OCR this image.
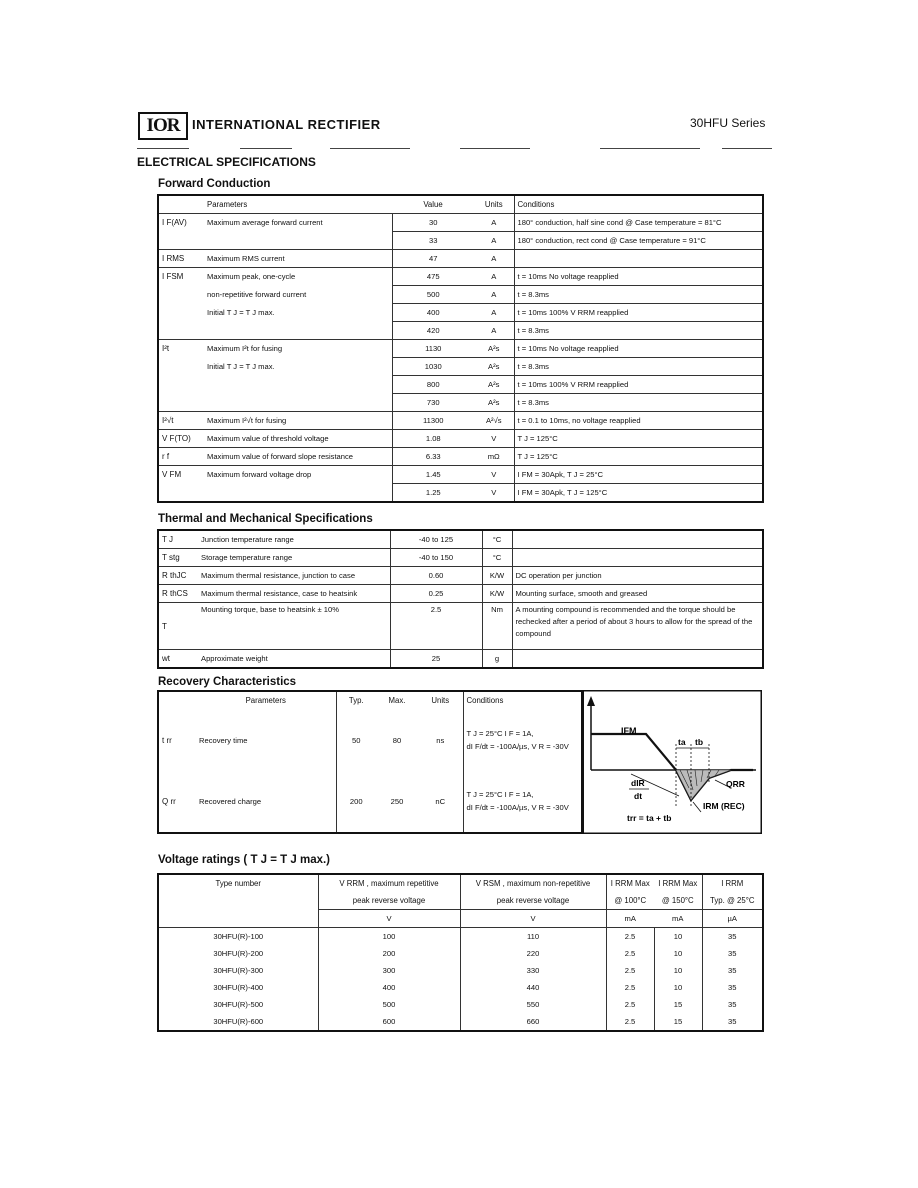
IOR INTERNATIONAL RECTIFIER	30HFU Series
ELECTRICAL SPECIFICATIONS
Forward Conduction
	Parameters	Value	Units	Conditions
I F(AV)	Maximum average forward current	30	A	180° conduction, half sine cond @ Case temperature = 81°C
		33	A	180° conduction, rect cond @ Case temperature = 91°C
I RMS	Maximum RMS current	47	A	
I FSM	Maximum peak, one-cycle	475	A	t = 10ms No voltage reapplied
	non-repetitive forward current	500	A	t = 8.3ms
	Initial T J = T J max.	400	A	t = 10ms 100% V RRM reapplied
		420	A	t = 8.3ms
I²t	Maximum I²t for fusing	1130	A²s	t = 10ms No voltage reapplied
	Initial T J = T J max.	1030	A²s	t = 8.3ms
		800	A²s	t = 10ms 100% V RRM reapplied
		730	A²s	t = 8.3ms
I²√t	Maximum I²√t for fusing	11300	A²√s	t = 0.1 to 10ms, no voltage reapplied
V F(TO)	Maximum value of threshold voltage	1.08	V	T J = 125°C
r f	Maximum value of forward slope resistance	6.33	mΩ	T J = 125°C
V FM	Maximum forward voltage drop	1.45	V	I FM = 30Apk, T J = 25°C
		1.25	V	I FM = 30Apk, T J = 125°C
Thermal and Mechanical Specifications
T J	Junction temperature range	-40 to 125	°C	
T stg	Storage temperature range	-40 to 150	°C	
R thJC	Maximum thermal resistance, junction to case	0.60	K/W	DC operation per junction
R thCS	Maximum thermal resistance, case to heatsink	0.25	K/W	Mounting surface, smooth and greased
T	Mounting torque, base to heatsink ± 10%	2.5	Nm	A mounting compound is recommended and the torque should be rechecked after a period of about 3 hours to allow for the spread of the compound
wt	Approximate weight	25	g	
Recovery Characteristics
	Parameters	Typ.	Max.	Units	Conditions
t rr	Recovery time	50	80	ns	T J = 25°C I F = 1A,
dI F/dt = -100A/µs, V R = -30V

Q rr	Recovered charge	200	250	nC	T J = 25°C I F = 1A,
dI F/dt = -100A/µs, V R = -30V
IFM
ta tb
dIR
dt
QRR
IRM (REC)
trr = ta + tb
Voltage ratings ( T J = T J max.)
Type number	V RRM , maximum repetitive	V RSM , maximum non-repetitive	I RRM Max	I RRM Max	I RRM
	peak reverse voltage	peak reverse voltage	@ 100°C	@ 150°C	Typ. @ 25°C
	V	V	mA	mA	µA
30HFU(R)-100	100	110	2.5	10	35
30HFU(R)-200	200	220	2.5	10	35
30HFU(R)-300	300	330	2.5	10	35
30HFU(R)-400	400	440	2.5	10	35
30HFU(R)-500	500	550	2.5	15	35
30HFU(R)-600	600	660	2.5	15	35
